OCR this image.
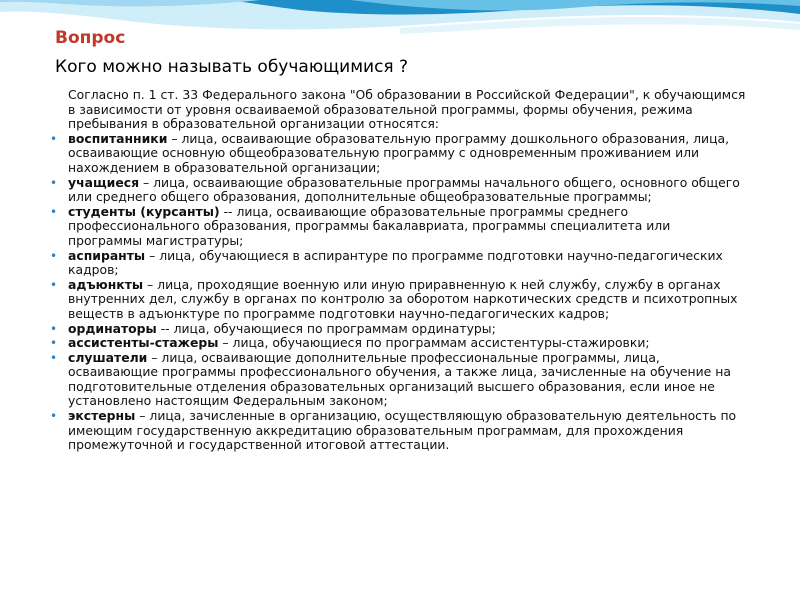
Вопрос
Кого можно называть обучающимися ?
Согласно п. 1 ст. 33 Федерального закона "Об образовании в Российской Федерации", к обучающимся в зависимости от уровня осваиваемой образовательной программы, формы обучения, режима пребывания в образовательной организации относятся:
• воспитанники – лица, осваивающие образовательную программу дошкольного образования, лица, осваивающие основную общеобразовательную программу с одновременным проживанием или нахождением в образовательной организации;
• учащиеся – лица, осваивающие образовательные программы начального общего, основного общего или среднего общего образования, дополнительные общеобразовательные программы;
• студенты (курсанты) -- лица, осваивающие образовательные программы среднего профессионального образования, программы бакалавриата, программы специалитета или программы магистратуры;
• аспиранты – лица, обучающиеся в аспирантуре по программе подготовки научно-педагогических кадров;
• адъюнкты – лица, проходящие военную или иную приравненную к ней службу, службу в органах внутренних дел, службу в органах по контролю за оборотом наркотических средств и психотропных веществ в адъюнктуре по программе подготовки научно-педагогических кадров;
• ординаторы -- лица, обучающиеся по программам ординатуры;
• ассистенты-стажеры – лица, обучающиеся по программам ассистентуры-стажировки;
• слушатели – лица, осваивающие дополнительные профессиональные программы, лица, осваивающие программы профессионального обучения, а также лица, зачисленные на обучение на подготовительные отделения образовательных организаций высшего образования, если иное не установлено настоящим Федеральным законом;
• экстерны – лица, зачисленные в организацию, осуществляющую образовательную деятельность по имеющим государственную аккредитацию образовательным программам, для прохождения промежуточной и государственной итоговой аттестации.
